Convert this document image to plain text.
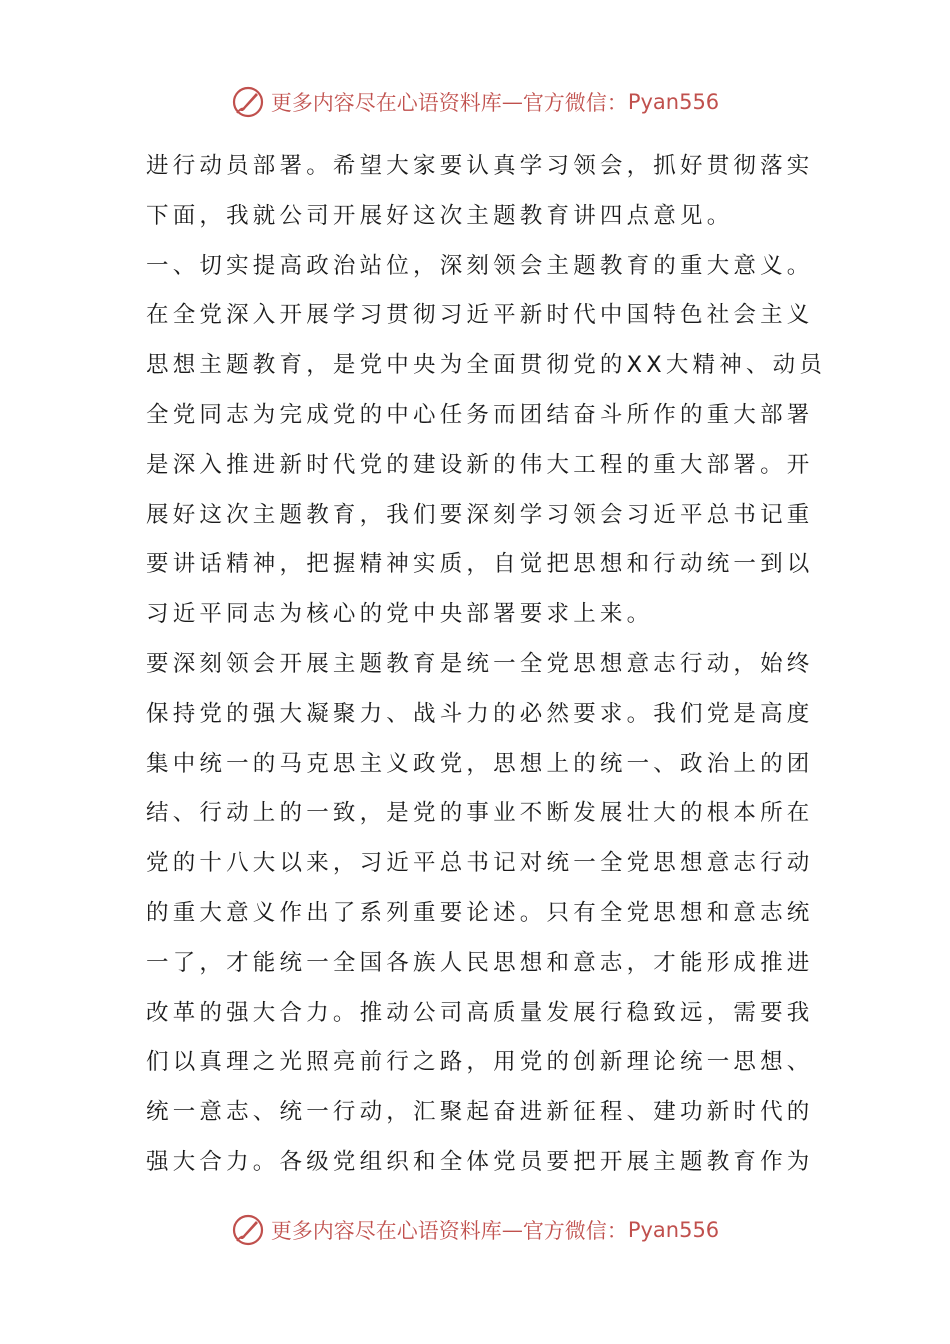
更多内容尽在心语资料库 — 官方微信： Pyan556
进行动员部署。希望大家要认真学习领会，抓好贯彻落实
下面，我就公司开展好这次主题教育讲四点意见。
一、切实提高政治站位，深刻领会主题教育的重大意义。
在全党深入开展学习贯彻习近平新时代中国特色社会主义
思想主题教育，是党中央为全面贯彻党的XX大精神、动员
全党同志为完成党的中心任务而团结奋斗所作的重大部署
是深入推进新时代党的建设新的伟大工程的重大部署。开
展好这次主题教育，我们要深刻学习领会习近平总书记重
要讲话精神，把握精神实质，自觉把思想和行动统一到以
习近平同志为核心的党中央部署要求上来。
要深刻领会开展主题教育是统一全党思想意志行动，始终
保持党的强大凝聚力、战斗力的必然要求。我们党是高度
集中统一的马克思主义政党，思想上的统一、政治上的团
结、行动上的一致，是党的事业不断发展壮大的根本所在
党的十八大以来，习近平总书记对统一全党思想意志行动
的重大意义作出了系列重要论述。只有全党思想和意志统
一了，才能统一全国各族人民思想和意志，才能形成推进
改革的强大合力。推动公司高质量发展行稳致远，需要我
们以真理之光照亮前行之路，用党的创新理论统一思想、
统一意志、统一行动，汇聚起奋进新征程、建功新时代的
强大合力。各级党组织和全体党员要把开展主题教育作为
更多内容尽在心语资料库 — 官方微信： Pyan556
